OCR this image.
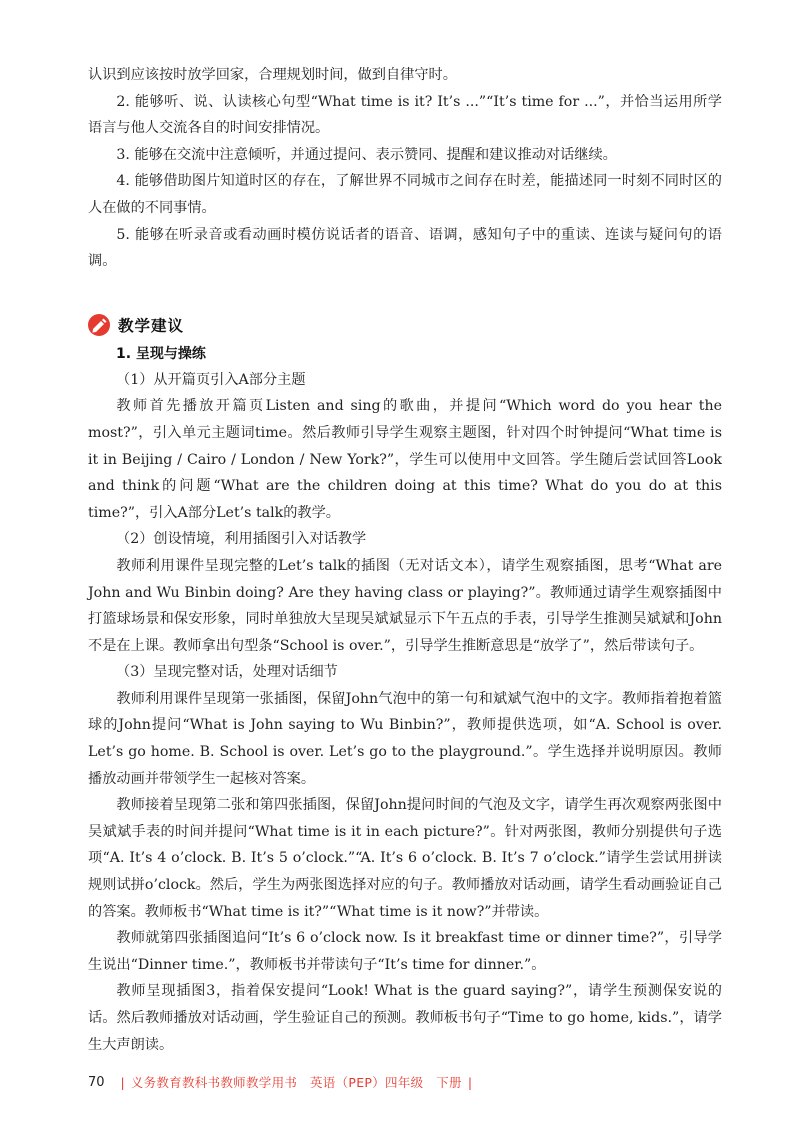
认识到应该按时放学回家，合理规划时间，做到自律守时。

2. 能够听、说、认读核心句型“What time is it? It’s ...”“It’s time for ...”，并恰当运用所学语言与他人交流各自的时间安排情况。

3. 能够在交流中注意倾听，并通过提问、表示赞同、提醒和建议推动对话继续。

4. 能够借助图片知道时区的存在，了解世界不同城市之间存在时差，能描述同一时刻不同时区的人在做的不同事情。

5. 能够在听录音或看动画时模仿说话者的语音、语调，感知句子中的重读、连读与疑问句的语调。

教学建议

1. 呈现与操练

（1）从开篇页引入A部分主题

教师首先播放开篇页Listen and sing的歌曲，并提问“Which word do you hear the most?”，引入单元主题词time。然后教师引导学生观察主题图，针对四个时钟提问“What time is it in Beijing / Cairo / London / New York?”，学生可以使用中文回答。学生随后尝试回答Look and think的问题“What are the children doing at this time? What do you do at this time?”，引入A部分Let’s talk的教学。

（2）创设情境，利用插图引入对话教学

教师利用课件呈现完整的Let’s talk的插图（无对话文本），请学生观察插图，思考“What are John and Wu Binbin doing? Are they having class or playing?”。教师通过请学生观察插图中打篮球场景和保安形象，同时单独放大呈现吴斌斌显示下午五点的手表，引导学生推测吴斌斌和John不是在上课。教师拿出句型条“School is over.”，引导学生推断意思是“放学了”，然后带读句子。

（3）呈现完整对话，处理对话细节

教师利用课件呈现第一张插图，保留John气泡中的第一句和斌斌气泡中的文字。教师指着抱着篮球的John提问“What is John saying to Wu Binbin?”，教师提供选项，如“A. School is over. Let’s go home. B. School is over. Let’s go to the playground.”。学生选择并说明原因。教师播放动画并带领学生一起核对答案。

教师接着呈现第二张和第四张插图，保留John提问时间的气泡及文字，请学生再次观察两张图中吴斌斌手表的时间并提问“What time is it in each picture?”。针对两张图，教师分别提供句子选项“A. It’s 4 o’clock. B. It’s 5 o’clock.”“A. It’s 6 o’clock. B. It’s 7 o’clock.”请学生尝试用拼读规则试拼o’clock。然后，学生为两张图选择对应的句子。教师播放对话动画，请学生看动画验证自己的答案。教师板书“What time is it?”“What time is it now?”并带读。

教师就第四张插图追问“It’s 6 o’clock now. Is it breakfast time or dinner time?”，引导学生说出“Dinner time.”，教师板书并带读句子“It’s time for dinner.”。

教师呈现插图3，指着保安提问“Look! What is the guard saying?”，请学生预测保安说的话。然后教师播放对话动画，学生验证自己的预测。教师板书句子“Time to go home, kids.”，请学生大声朗读。

70 | 义务教育教科书教师教学用书　英语（PEP）四年级　下册 |
